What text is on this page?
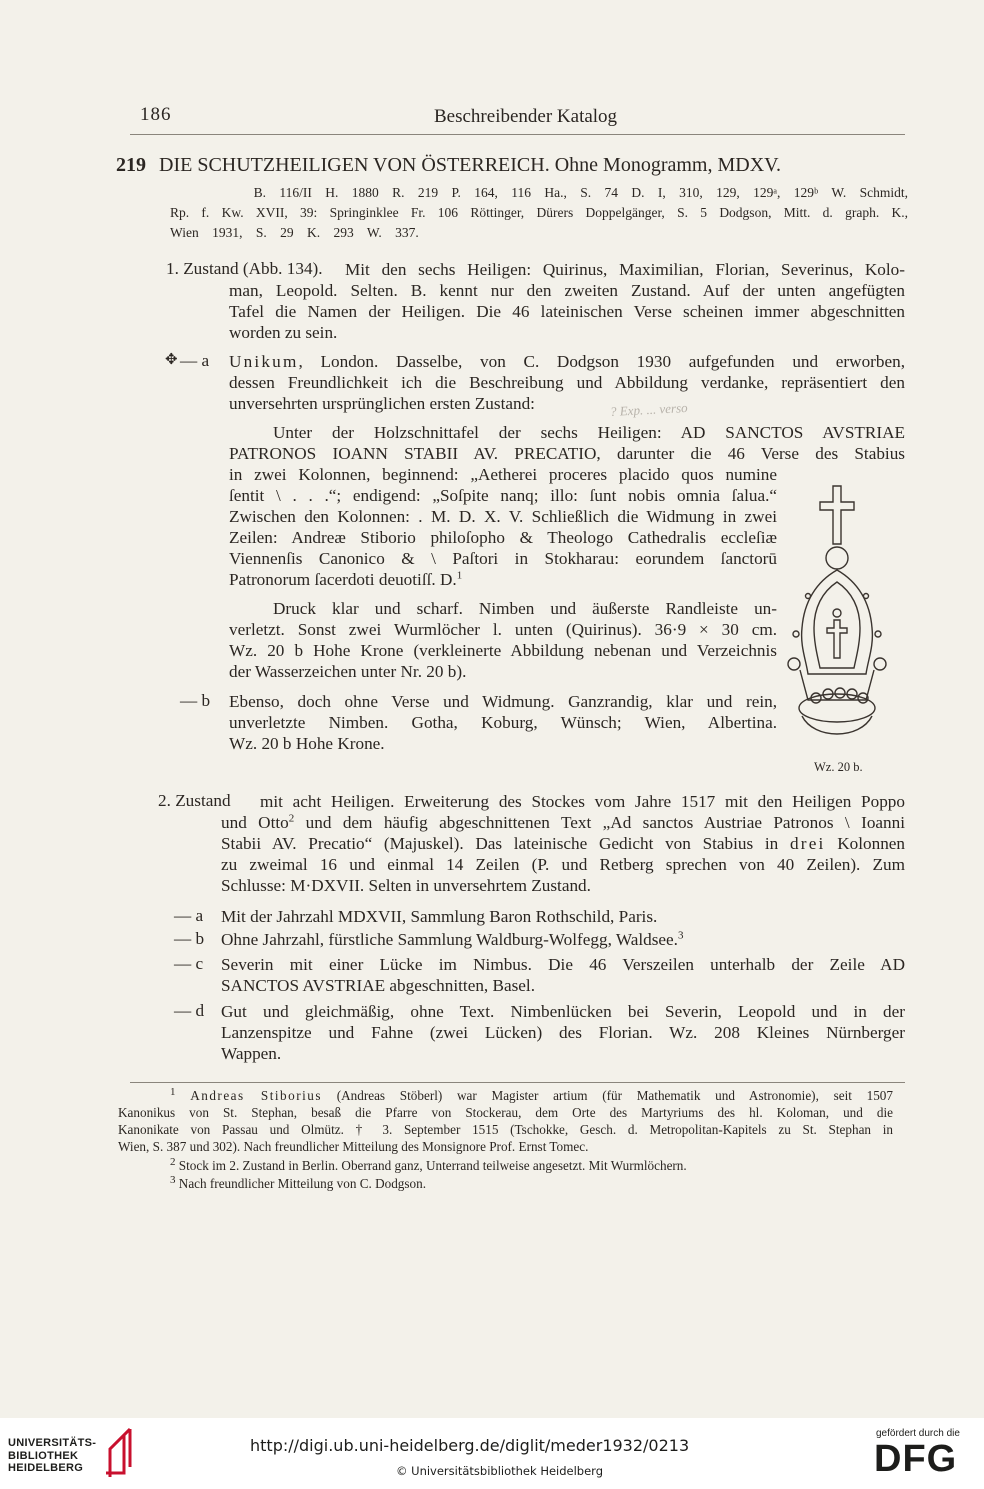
186	Beschreibender Katalog
219 DIE SCHUTZHEILIGEN VON ÖSTERREICH. Ohne Monogramm, MDXV.
B. 116/II H. 1880 R. 219 P. 164, 116 Ha., S. 74 D. I, 310, 129, 129ᵃ, 129ᵇ W. Schmidt,
Rp. f. Kw. XVII, 39: Springinklee Fr. 106 Röttinger, Dürers Doppelgänger, S. 5 Dodgson, Mitt. d. graph. K.,
Wien 1931, S. 29 K. 293 W. 337.
1. Zustand (Abb. 134). Mit den sechs Heiligen: Quirinus, Maximilian, Florian, Severinus, Kolo-
man, Leopold. Selten. B. kennt nur den zweiten Zustand. Auf der unten angefügten
Tafel die Namen der Heiligen. Die 46 lateinischen Verse scheinen immer abgeschnitten
worden zu sein.
✥ — a Unikum, London. Dasselbe, von C. Dodgson 1930 aufgefunden und erworben,
dessen Freundlichkeit ich die Beschreibung und Abbildung verdanke, repräsentiert den
unversehrten ursprünglichen ersten Zustand:	? Exp. ... verso
Unter der Holzschnittafel der sechs Heiligen: AD SANCTOS AVSTRIAE
PATRONOS IOANN STABII AV. PRECATIO, darunter die 46 Verse des Stabius
in zwei Kolonnen, beginnend: „Aetherei proceres placido quos numine
ſentit \ . . .“; endigend: „Soſpite nanq; illo: ſunt nobis omnia ſalua.“
Zwischen den Kolonnen: . M. D. X. V. Schließlich die Widmung in zwei
Zeilen: Andreæ Stiborio philoſopho & Theologo Cathedralis eccleſiæ
Viennenſis Canonico & \ Paſtori in Stokharau: eorundem ſanctorū
Patronorum ſacerdoti deuotiſſ. D.$^1$
Druck klar und scharf. Nimben und äußerste Randleiste un-
verletzt. Sonst zwei Wurmlöcher l. unten (Quirinus). 36·9 × 30 cm.
Wz. 20 b Hohe Krone (verkleinerte Abbildung nebenan und Verzeichnis
der Wasserzeichen unter Nr. 20 b).
— b Ebenso, doch ohne Verse und Widmung. Ganzrandig, klar und rein,
unverletzte Nimben. Gotha, Koburg, Wünsch; Wien, Albertina.
Wz. 20 b Hohe Krone.
Wz. 20 b.
2. Zustand mit acht Heiligen. Erweiterung des Stockes vom Jahre 1517 mit den Heiligen Poppo
und Otto$^2$ und dem häufig abgeschnittenen Text „Ad sanctos Austriae Patronos \ Ioanni
Stabii AV. Precatio“ (Majuskel). Das lateinische Gedicht von Stabius in drei Kolonnen
zu zweimal 16 und einmal 14 Zeilen (P. und Retberg sprechen von 40 Zeilen). Zum
Schlusse: M·DXVII. Selten in unversehrtem Zustand.
— a Mit der Jahrzahl MDXVII, Sammlung Baron Rothschild, Paris.
— b Ohne Jahrzahl, fürstliche Sammlung Waldburg-Wolfegg, Waldsee.$^3$
— c Severin mit einer Lücke im Nimbus. Die 46 Verszeilen unterhalb der Zeile AD
SANCTOS AVSTRIAE abgeschnitten, Basel.
— d Gut und gleichmäßig, ohne Text. Nimbenlücken bei Severin, Leopold und in der
Lanzenspitze und Fahne (zwei Lücken) des Florian. Wz. 208 Kleines Nürnberger
Wappen.
$^1$ Andreas Stiborius (Andreas Stöberl) war Magister artium (für Mathematik und Astronomie), seit 1507
Kanonikus von St. Stephan, besaß die Pfarre von Stockerau, dem Orte des Martyriums des hl. Koloman, und die
Kanonikate von Passau und Olmütz. † 3. September 1515 (Tschokke, Gesch. d. Metropolitan-Kapitels zu St. Stephan in
Wien, S. 387 und 302). Nach freundlicher Mitteilung des Monsignore Prof. Ernst Tomec.
$^2$ Stock im 2. Zustand in Berlin. Oberrand ganz, Unterrand teilweise angesetzt. Mit Wurmlöchern.
$^3$ Nach freundlicher Mitteilung von C. Dodgson.
UNIVERSITÄTS-
BIBLIOTHEK
HEIDELBERG
http://digi.ub.uni-heidelberg.de/diglit/meder1932/0213
© Universitätsbibliothek Heidelberg
gefördert durch die
DFG
